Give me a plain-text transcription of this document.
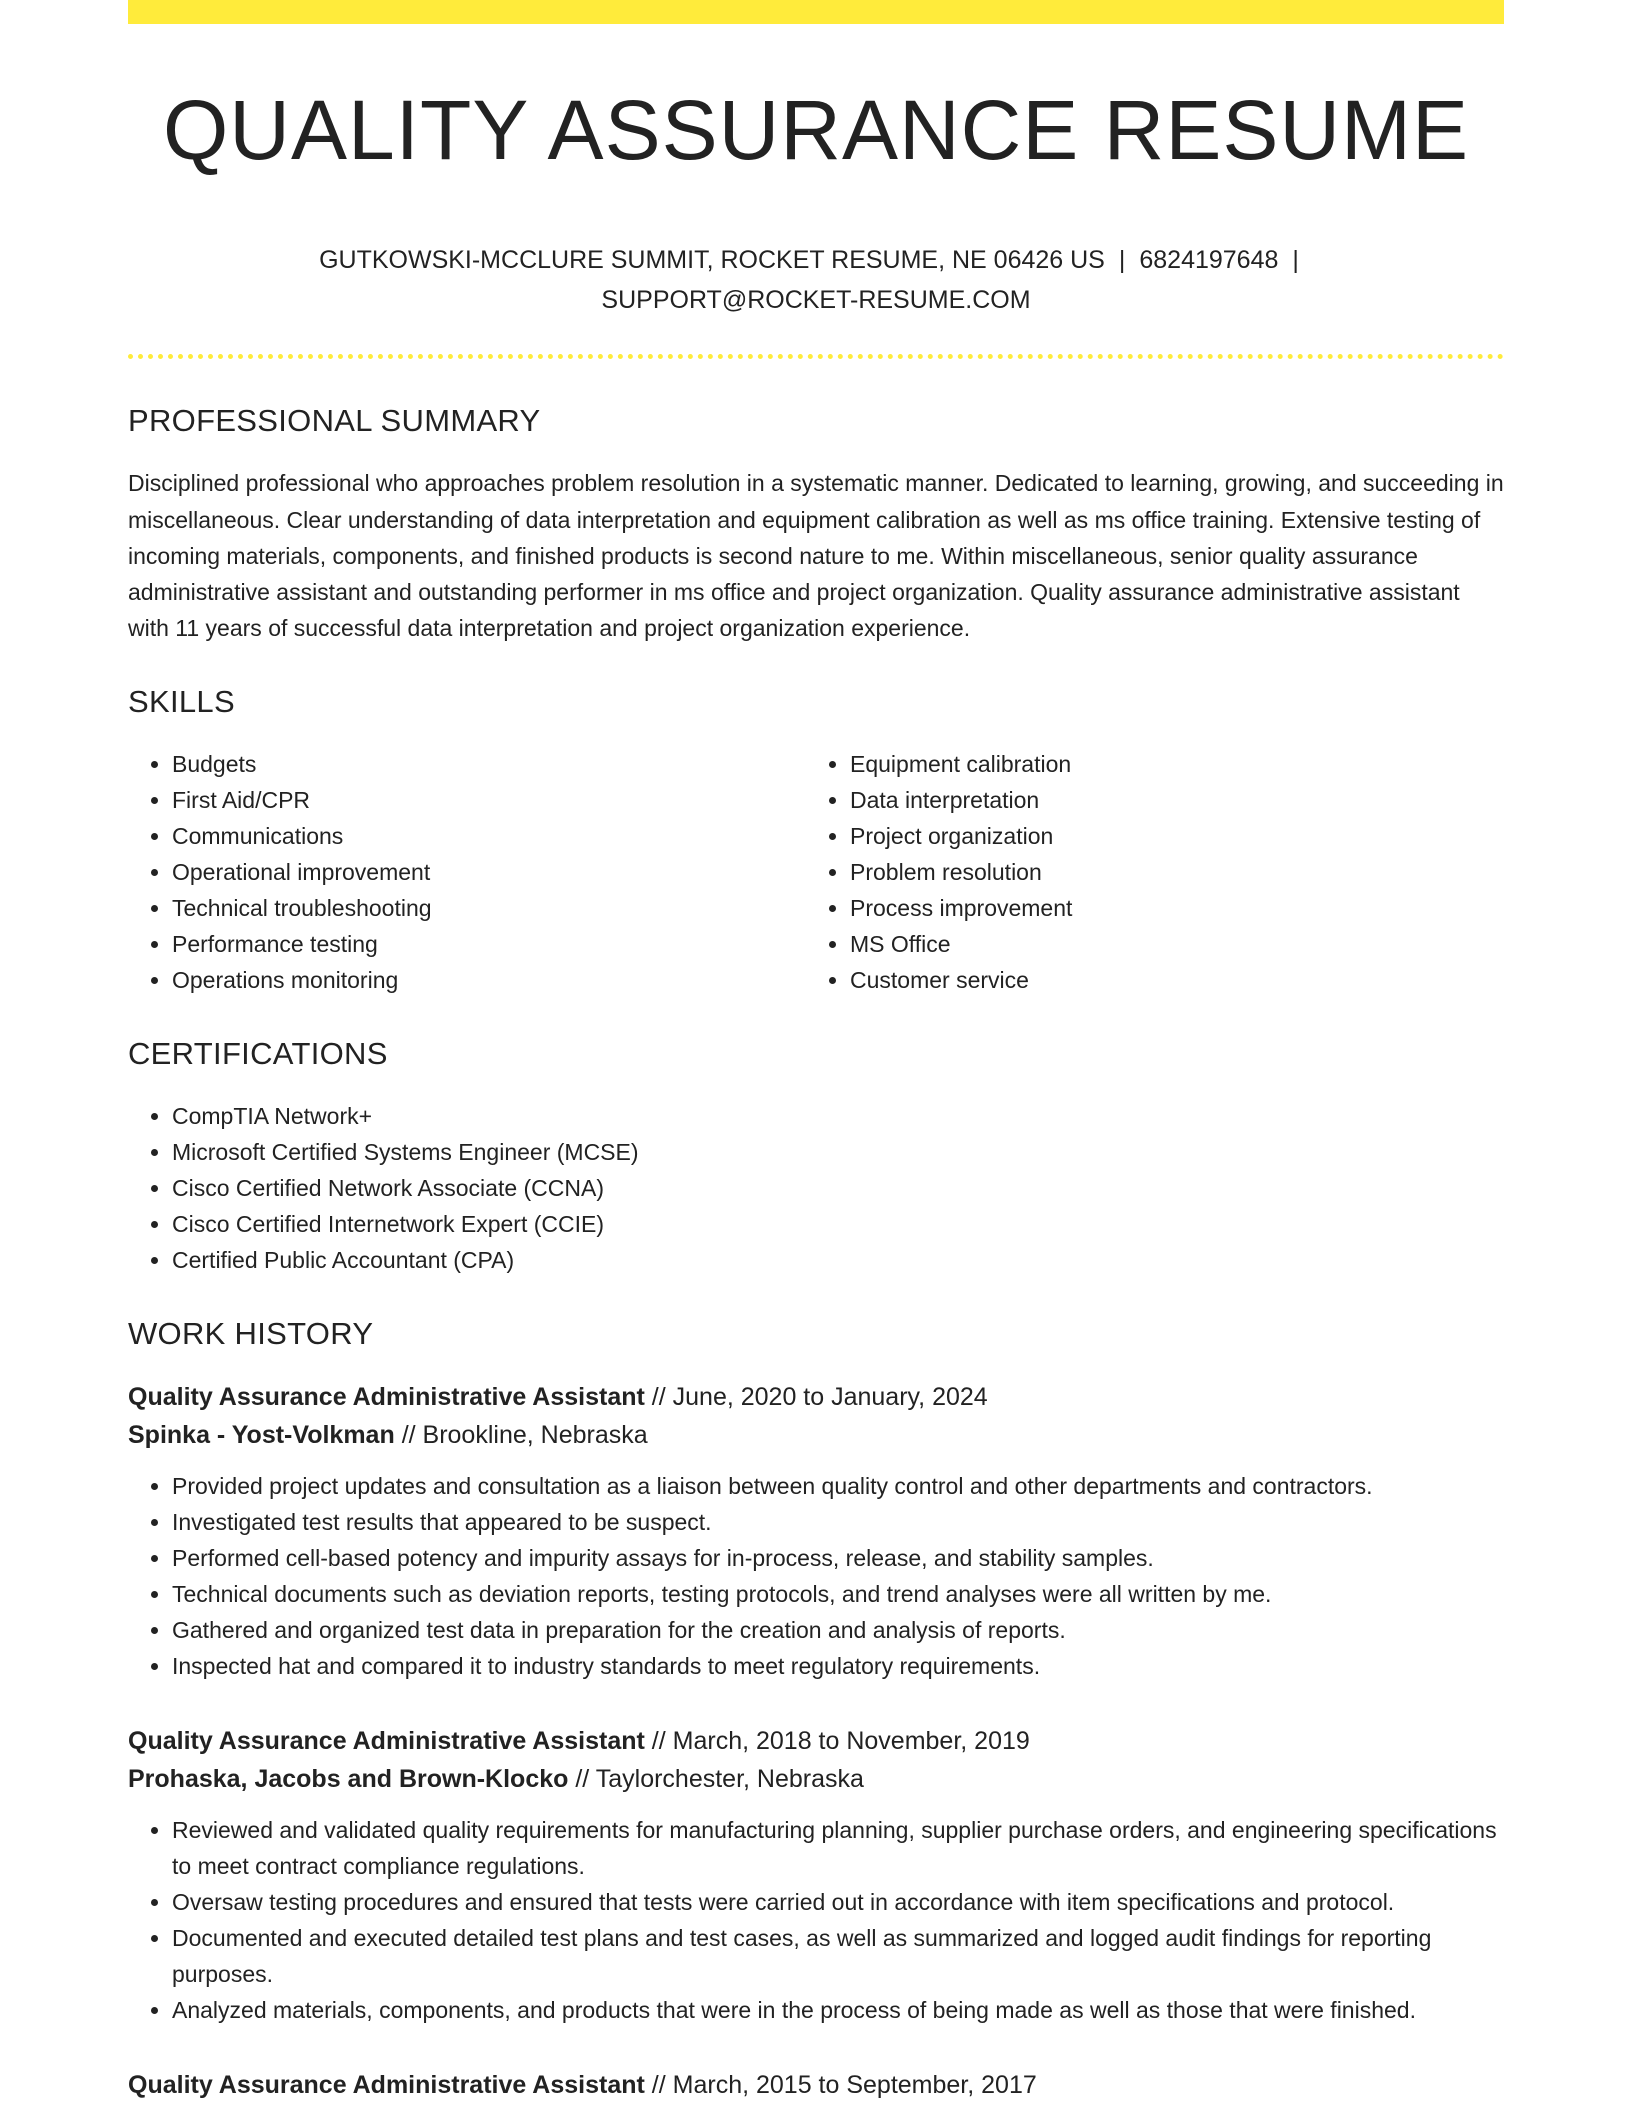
QUALITY ASSURANCE RESUME
GUTKOWSKI-MCCLURE SUMMIT, ROCKET RESUME, NE 06426 US | 6824197648 |
SUPPORT@ROCKET-RESUME.COM
PROFESSIONAL SUMMARY

Disciplined professional who approaches problem resolution in a systematic manner. Dedicated to learning, growing, and succeeding in miscellaneous. Clear understanding of data interpretation and equipment calibration as well as ms office training. Extensive testing of incoming materials, components, and finished products is second nature to me. Within miscellaneous, senior quality assurance administrative assistant and outstanding performer in ms office and project organization. Quality assurance administrative assistant with 11 years of successful data interpretation and project organization experience.

SKILLS
• Budgets
• First Aid/CPR
• Communications
• Operational improvement
• Technical troubleshooting
• Performance testing
• Operations monitoring
• Equipment calibration
• Data interpretation
• Project organization
• Problem resolution
• Process improvement
• MS Office
• Customer service
CERTIFICATIONS
• CompTIA Network+
• Microsoft Certified Systems Engineer (MCSE)
• Cisco Certified Network Associate (CCNA)
• Cisco Certified Internetwork Expert (CCIE)
• Certified Public Accountant (CPA)
WORK HISTORY
Quality Assurance Administrative Assistant // June, 2020 to January, 2024
Spinka - Yost-Volkman // Brookline, Nebraska
• Provided project updates and consultation as a liaison between quality control and other departments and contractors.
• Investigated test results that appeared to be suspect.
• Performed cell-based potency and impurity assays for in-process, release, and stability samples.
• Technical documents such as deviation reports, testing protocols, and trend analyses were all written by me.
• Gathered and organized test data in preparation for the creation and analysis of reports.
• Inspected hat and compared it to industry standards to meet regulatory requirements.
Quality Assurance Administrative Assistant // March, 2018 to November, 2019
Prohaska, Jacobs and Brown-Klocko // Taylorchester, Nebraska
• Reviewed and validated quality requirements for manufacturing planning, supplier purchase orders, and engineering specifications to meet contract compliance regulations.
• Oversaw testing procedures and ensured that tests were carried out in accordance with item specifications and protocol.
• Documented and executed detailed test plans and test cases, as well as summarized and logged audit findings for reporting purposes.
• Analyzed materials, components, and products that were in the process of being made as well as those that were finished.
Quality Assurance Administrative Assistant // March, 2015 to September, 2017
